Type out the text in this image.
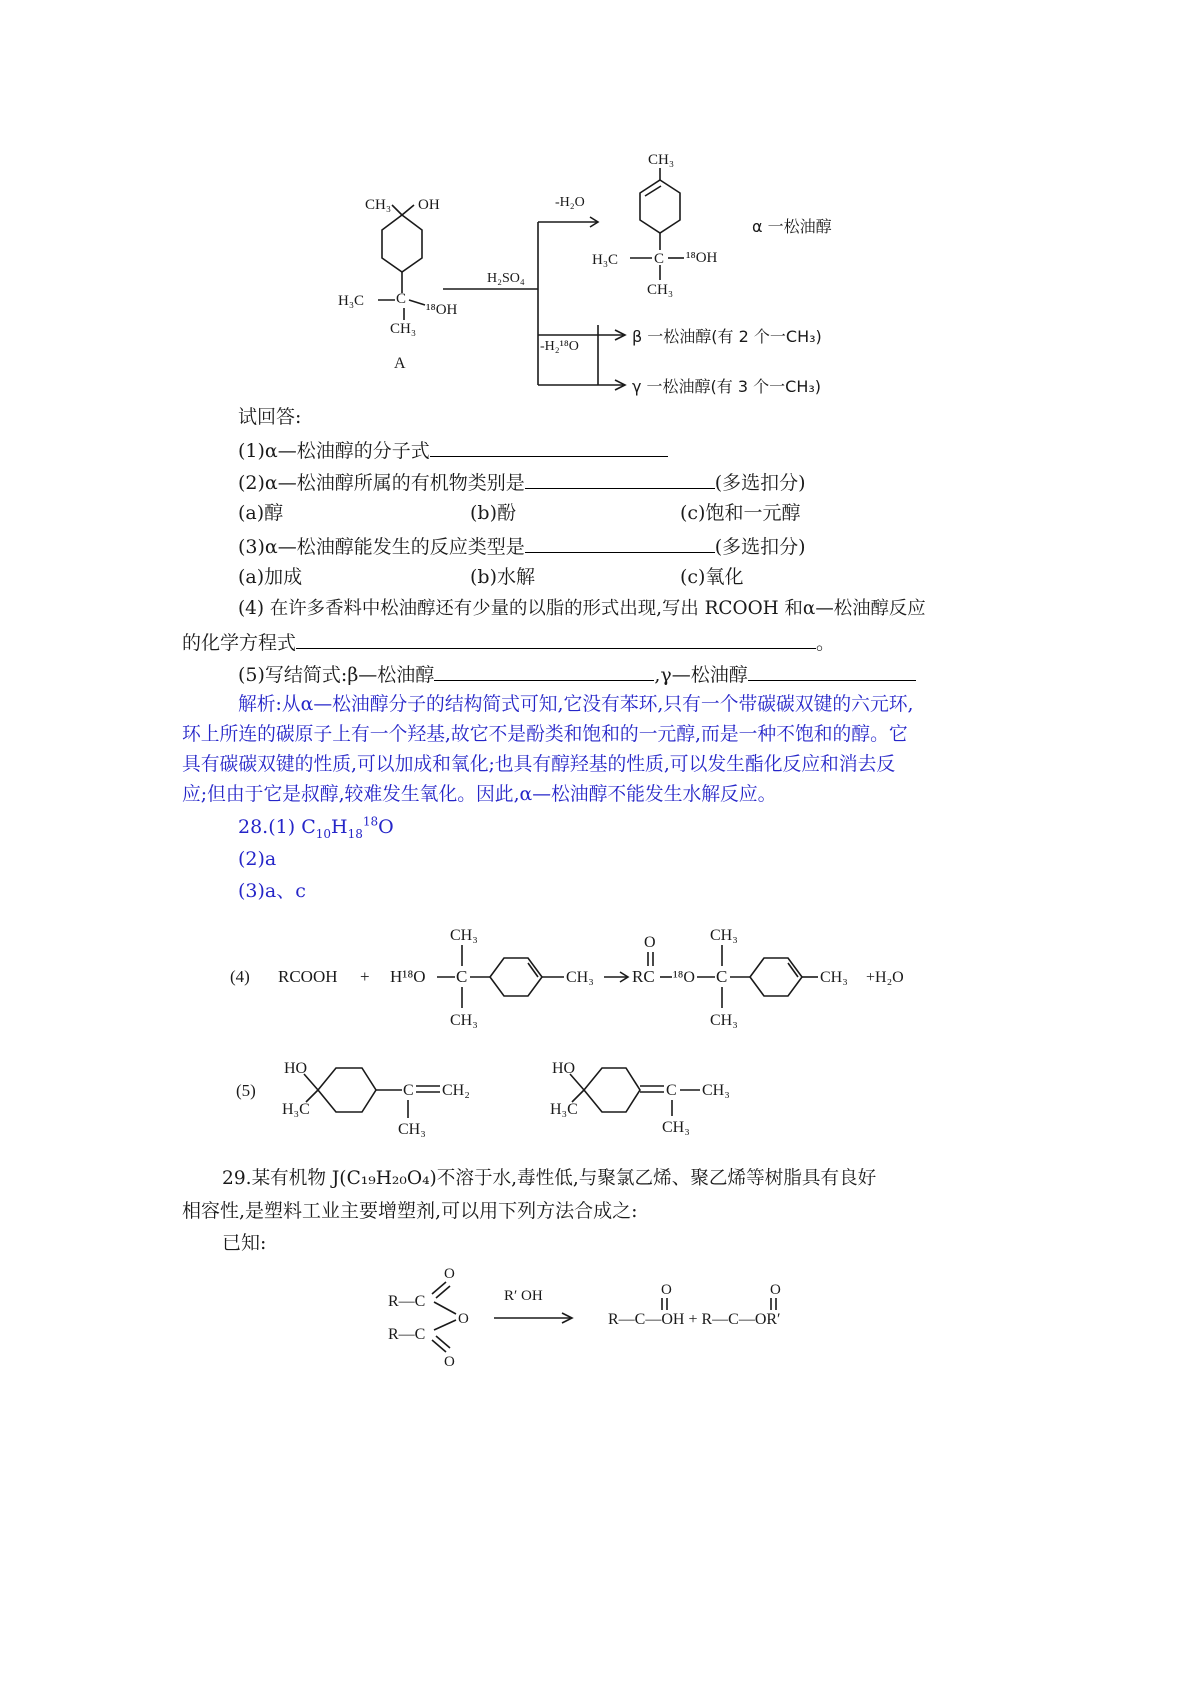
CH₃ OH
H₃C C
¹⁸OH
CH₃
A
H₂SO₄
-H₂O
-H₂¹⁸O
CH₃
H₃C C ¹⁸OH
CH₃
α 一松油醇
β 一松油醇(有 2 个一CH₃)
γ 一松油醇(有 3 个一CH₃)
试回答:
(1)α—松油醇的分子式
(2)α—松油醇所属的有机物类别是	(多选扣分)
(a)醇	(b)酚	(c)饱和一元醇
(3)α—松油醇能发生的反应类型是	(多选扣分)
(a)加成	(b)水解	(c)氧化
(4) 在许多香料中松油醇还有少量的以脂的形式出现,写出 RCOOH 和α—松油醇反应
的化学方程式	。
(5)写结简式:β—松油醇	,γ—松油醇
解析:从α—松油醇分子的结构简式可知,它没有苯环,只有一个带碳碳双键的六元环,
环上所连的碳原子上有一个羟基,故它不是酚类和饱和的一元醇,而是一种不饱和的醇。它
具有碳碳双键的性质,可以加成和氧化;也具有醇羟基的性质,可以发生酯化反应和消去反
应;但由于它是叔醇,较难发生氧化。因此,α—松油醇不能发生水解反应。
28.(1) $C_{10}H_{18}^{18}O$
(2)a
(3)a、c
(4) RCOOH + H¹⁸O C
CH₃
CH₃
CH₃ RC
O
¹⁸O C
CH₃
CH₃
CH₃ +H₂O
(5)
HO
H₃C
C CH₂
CH₃
HO
H₃C
C CH₃
CH₃
29.某有机物 J(C₁₉H₂₀O₄)不溶于水,毒性低,与聚氯乙烯、聚乙烯等树脂具有良好
相容性,是塑料工业主要增塑剂,可以用下列方法合成之:
已知:
R—C
R—C
O
O
O
R′ OH
R—C—OH + R—C—OR′
O	O
